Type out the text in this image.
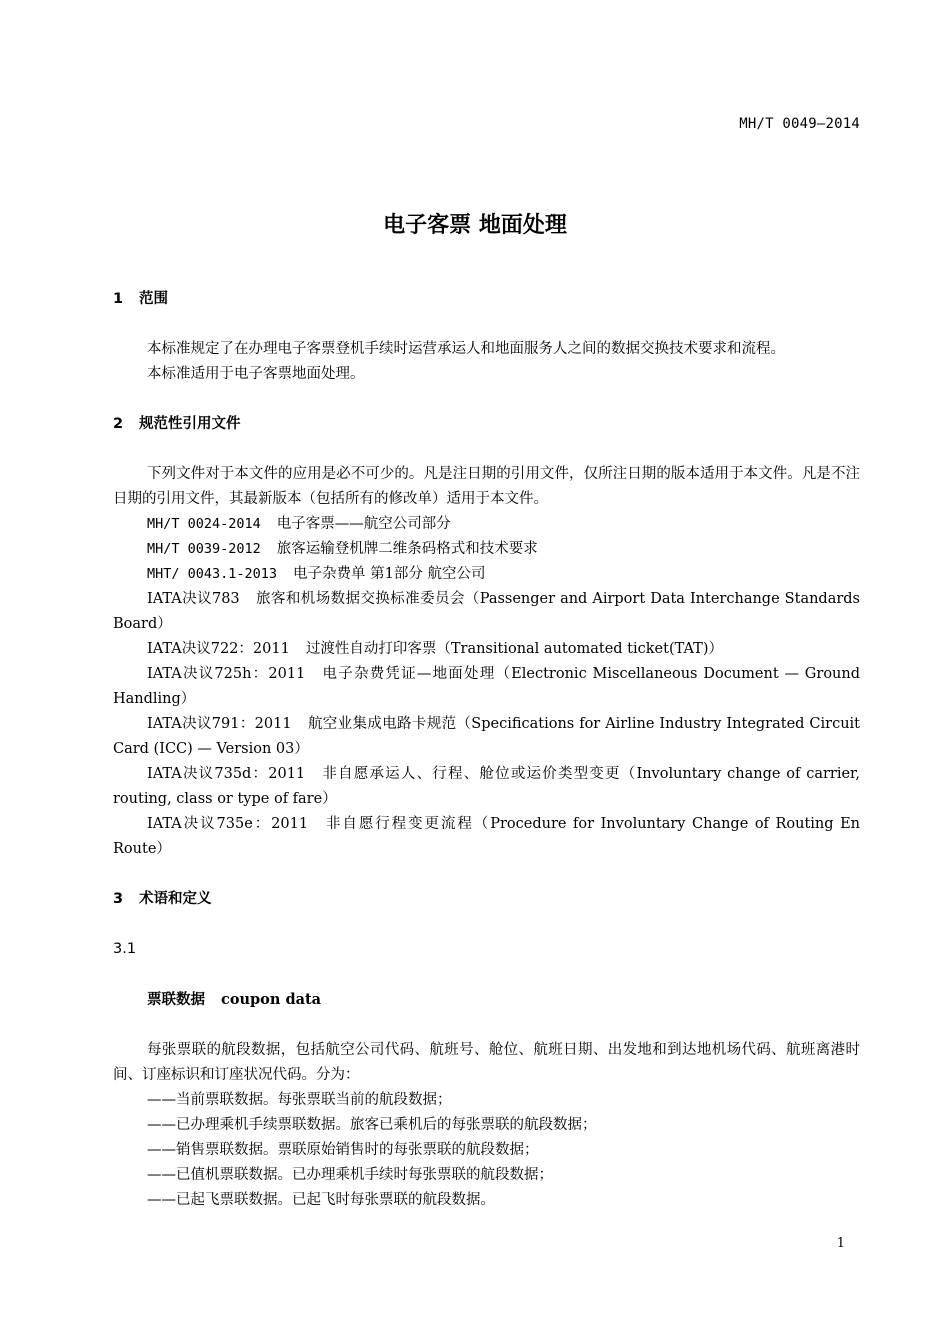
MH/T 0049—2014
电子客票 地面处理
1 范围

本标准规定了在办理电子客票登机手续时运营承运人和地面服务人之间的数据交换技术要求和流程。

本标准适用于电子客票地面处理。

2 规范性引用文件

下列文件对于本文件的应用是必不可少的。凡是注日期的引用文件，仅所注日期的版本适用于本文件。凡是不注日期的引用文件，其最新版本（包括所有的修改单）适用于本文件。

MH/T 0024-2014 电子客票——航空公司部分

MH/T 0039-2012 旅客运输登机牌二维条码格式和技术要求

MHT/ 0043.1-2013 电子杂费单 第1部分 航空公司

IATA决议783 旅客和机场数据交换标准委员会（Passenger and Airport Data Interchange Standards Board）

IATA决议722：2011 过渡性自动打印客票（Transitional automated ticket(TAT)）

IATA决议725h：2011 电子杂费凭证—地面处理（Electronic Miscellaneous Document — Ground Handling）

IATA决议791：2011 航空业集成电路卡规范（Specifications for Airline Industry Integrated Circuit Card (ICC) — Version 03）

IATA决议735d：2011 非自愿承运人、行程、舱位或运价类型变更（Involuntary change of carrier, routing, class or type of fare）

IATA决议735e：2011 非自愿行程变更流程（Procedure for Involuntary Change of Routing En Route）

3 术语和定义
3.1

票联数据 coupon data

每张票联的航段数据，包括航空公司代码、航班号、舱位、航班日期、出发地和到达地机场代码、航班离港时间、订座标识和订座状况代码。分为：

——当前票联数据。每张票联当前的航段数据；

——已办理乘机手续票联数据。旅客已乘机后的每张票联的航段数据；

——销售票联数据。票联原始销售时的每张票联的航段数据；

——已值机票联数据。已办理乘机手续时每张票联的航段数据；

——已起飞票联数据。已起飞时每张票联的航段数据。

1
